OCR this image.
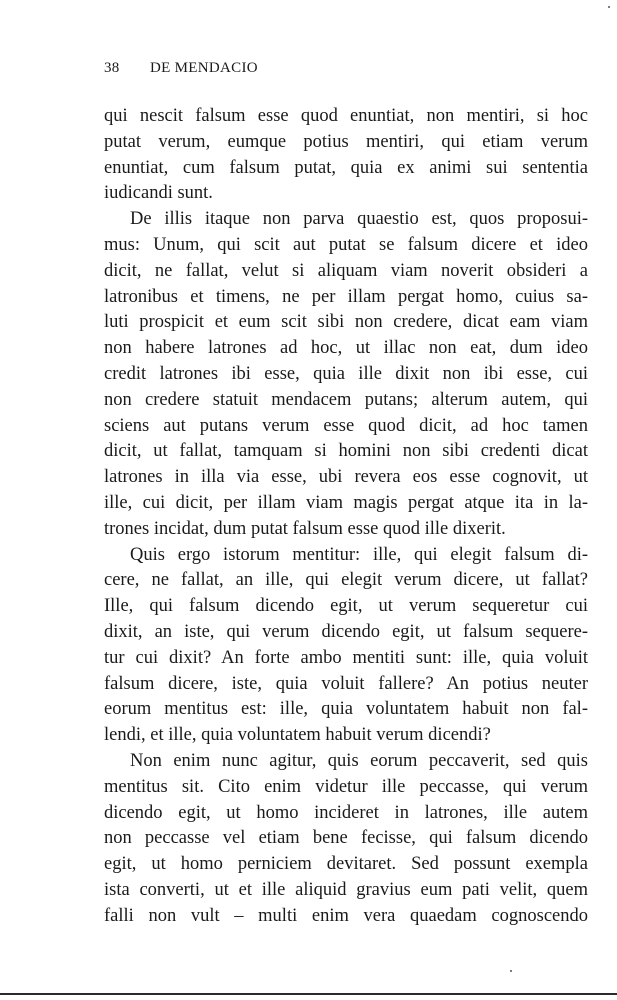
38 DE MENDACIO
qui nescit falsum esse quod enuntiat, non mentiri, si hoc
putat verum, eumque potius mentiri, qui etiam verum
enuntiat, cum falsum putat, quia ex animi sui sententia
iudicandi sunt.
De illis itaque non parva quaestio est, quos proposui-
mus: Unum, qui scit aut putat se falsum dicere et ideo
dicit, ne fallat, velut si aliquam viam noverit obsideri a
latronibus et timens, ne per illam pergat homo, cuius sa-
luti prospicit et eum scit sibi non credere, dicat eam viam
non habere latrones ad hoc, ut illac non eat, dum ideo
credit latrones ibi esse, quia ille dixit non ibi esse, cui
non credere statuit mendacem putans; alterum autem, qui
sciens aut putans verum esse quod dicit, ad hoc tamen
dicit, ut fallat, tamquam si homini non sibi credenti dicat
latrones in illa via esse, ubi revera eos esse cognovit, ut
ille, cui dicit, per illam viam magis pergat atque ita in la-
trones incidat, dum putat falsum esse quod ille dixerit.
Quis ergo istorum mentitur: ille, qui elegit falsum di-
cere, ne fallat, an ille, qui elegit verum dicere, ut fallat?
Ille, qui falsum dicendo egit, ut verum sequeretur cui
dixit, an iste, qui verum dicendo egit, ut falsum sequere-
tur cui dixit? An forte ambo mentiti sunt: ille, quia voluit
falsum dicere, iste, quia voluit fallere? An potius neuter
eorum mentitus est: ille, quia voluntatem habuit non fal-
lendi, et ille, quia voluntatem habuit verum dicendi?
Non enim nunc agitur, quis eorum peccaverit, sed quis
mentitus sit. Cito enim videtur ille peccasse, qui verum
dicendo egit, ut homo incideret in latrones, ille autem
non peccasse vel etiam bene fecisse, qui falsum dicendo
egit, ut homo perniciem devitaret. Sed possunt exempla
ista converti, ut et ille aliquid gravius eum pati velit, quem
falli non vult – multi enim vera quaedam cognoscendo
